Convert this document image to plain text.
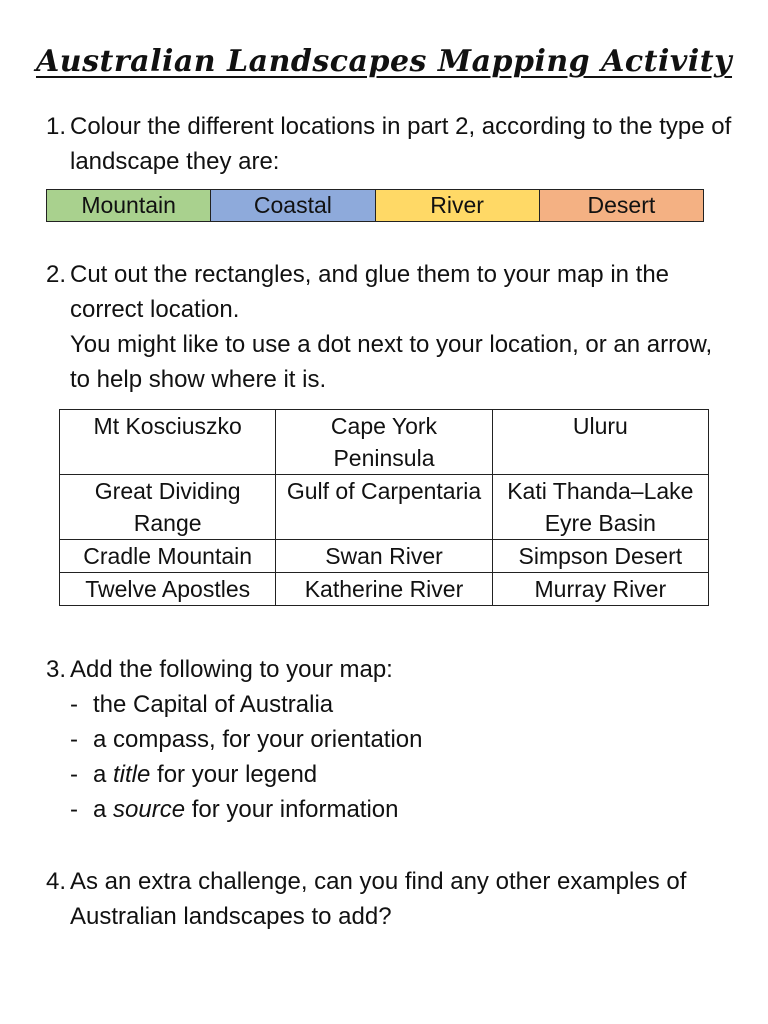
Australian Landscapes Mapping Activity
1. Colour the different locations in part 2, according to the type of landscape they are:
Mountain	Coastal	River	Desert
2. Cut out the rectangles, and glue them to your map in the correct location.
You might like to use a dot next to your location, or an arrow, to help show where it is.
Mt Kosciuszko	Cape York Peninsula	Uluru
Great Dividing Range	Gulf of Carpentaria	Kati Thanda–Lake Eyre Basin
Cradle Mountain	Swan River	Simpson Desert
Twelve Apostles	Katherine River	Murray River
3. Add the following to your map:
- the Capital of Australia
- a compass, for your orientation
- a title for your legend
- a source for your information
4. As an extra challenge, can you find any other examples of Australian landscapes to add?
